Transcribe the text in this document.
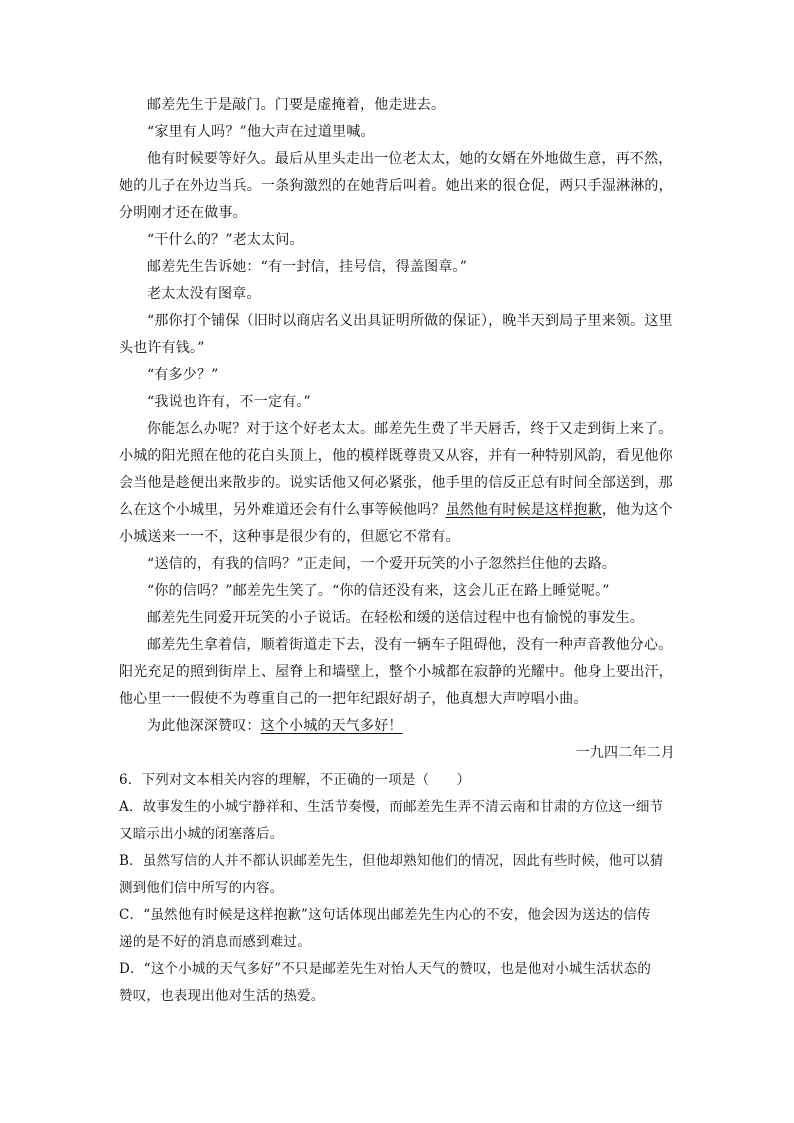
邮差先生于是敲门。门要是虚掩着，他走进去。
“家里有人吗？”他大声在过道里喊。
他有时候要等好久。最后从里头走出一位老太太，她的女婿在外地做生意，再不然，
她的儿子在外边当兵。一条狗激烈的在她背后叫着。她出来的很仓促，两只手湿淋淋的，
分明刚才还在做事。
“干什么的？”老太太问。
邮差先生告诉她：“有一封信，挂号信，得盖图章。”
老太太没有图章。
“那你打个铺保（旧时以商店名义出具证明所做的保证），晚半天到局子里来领。这里
头也许有钱。”
“有多少？”
“我说也许有，不一定有。”
你能怎么办呢？对于这个好老太太。邮差先生费了半天唇舌，终于又走到街上来了。
小城的阳光照在他的花白头顶上，他的模样既尊贵又从容，并有一种特别风韵，看见他你
会当他是趁便出来散步的。说实话他又何必紧张，他手里的信反正总有时间全部送到，那
么在这个小城里，另外难道还会有什么事等候他吗？虽然他有时候是这样抱歉，他为这个
小城送来一一不，这种事是很少有的，但愿它不常有。
“送信的，有我的信吗？”正走间，一个爱开玩笑的小子忽然拦住他的去路。
“你的信吗？”邮差先生笑了。“你的信还没有来，这会儿正在路上睡觉呢。”
邮差先生同爱开玩笑的小子说话。在轻松和缓的送信过程中也有愉悦的事发生。
邮差先生拿着信，顺着街道走下去，没有一辆车子阻碍他，没有一种声音教他分心。
阳光充足的照到街岸上、屋脊上和墙壁上，整个小城都在寂静的光耀中。他身上要出汗，
他心里一一假使不为尊重自己的一把年纪跟好胡子，他真想大声哼唱小曲。
为此他深深赞叹：这个小城的天气多好！
一九四二年二月
6．下列对文本相关内容的理解，不正确的一项是（　　）
A．故事发生的小城宁静祥和、生活节奏慢，而邮差先生弄不清云南和甘肃的方位这一细节
又暗示出小城的闭塞落后。
B．虽然写信的人并不都认识邮差先生，但他却熟知他们的情况，因此有些时候，他可以猜
测到他们信中所写的内容。
C．“虽然他有时候是这样抱歉”这句话体现出邮差先生内心的不安，他会因为送达的信传
递的是不好的消息而感到难过。
D．“这个小城的天气多好”不只是邮差先生对怡人天气的赞叹，也是他对小城生活状态的
赞叹，也表现出他对生活的热爱。
